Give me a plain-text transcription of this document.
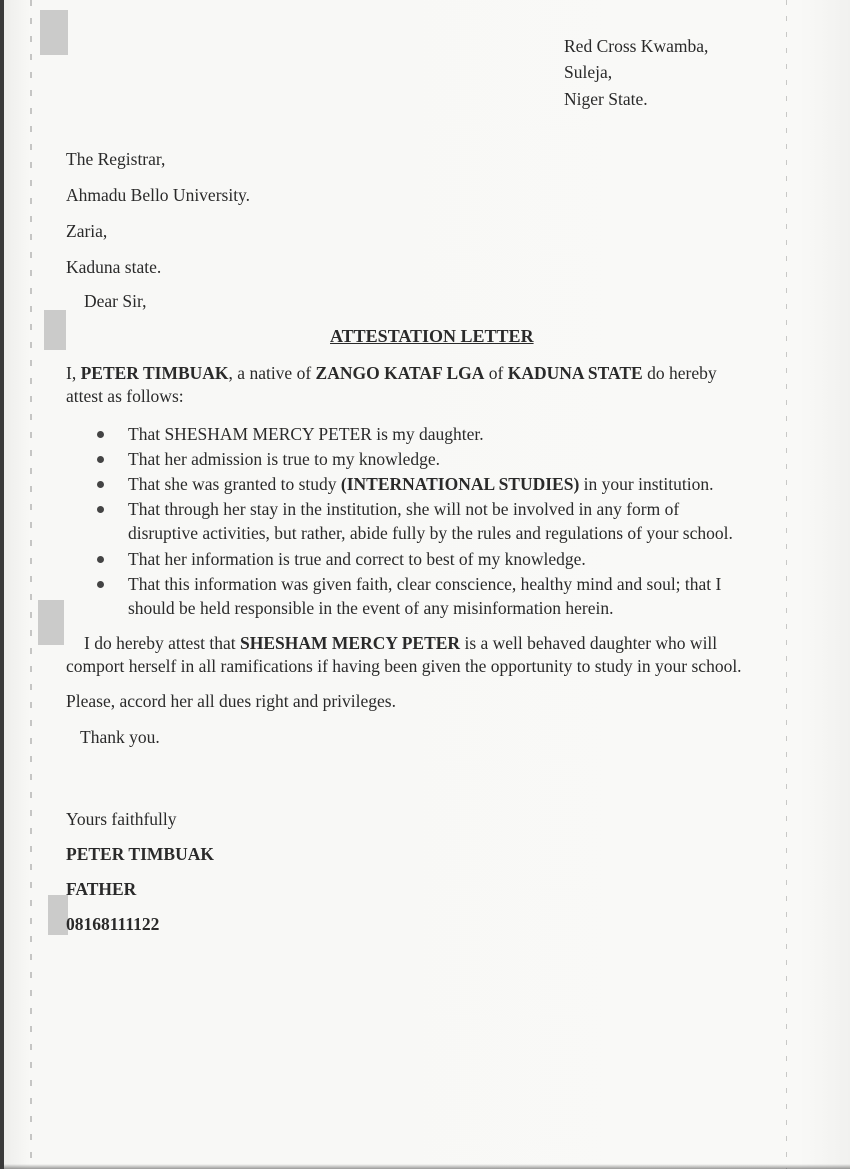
Red Cross Kwamba,
Suleja,
Niger State.
The Registrar,
Ahmadu Bello University.
Zaria,
Kaduna state.
Dear Sir,
ATTESTATION LETTER
I, PETER TIMBUAK, a native of ZANGO KATAF LGA of KADUNA STATE do hereby
attest as follows:
That SHESHAM MERCY PETER is my daughter.
That her admission is true to my knowledge.
That she was granted to study (INTERNATIONAL STUDIES) in your institution.
That through her stay in the institution, she will not be involved in any form of
disruptive activities, but rather, abide fully by the rules and regulations of your school.
That her information is true and correct to best of my knowledge.
That this information was given faith, clear conscience, healthy mind and soul; that I
should be held responsible in the event of any misinformation herein.
I do hereby attest that SHESHAM MERCY PETER is a well behaved daughter who will
comport herself in all ramifications if having been given the opportunity to study in your school.
Please, accord her all dues right and privileges.
Thank you.
Yours faithfully
PETER TIMBUAK
FATHER
08168111122
